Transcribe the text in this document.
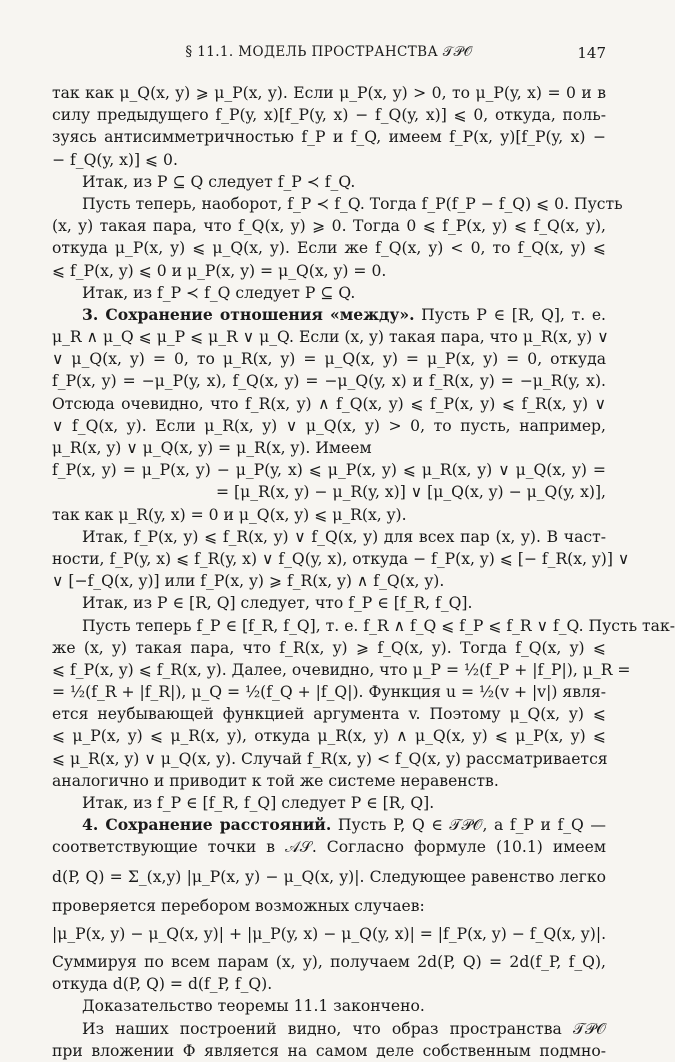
§ 11.1. МОДЕЛЬ ПРОСТРАНСТВА 𝒯𝒫𝒪	147
так как μ_Q(x, y) ⩾ μ_P(x, y). Если μ_P(x, y) > 0, то μ_P(y, x) = 0 и в
силу предыдущего f_P(y, x)[f_P(y, x) − f_Q(y, x)] ⩽ 0, откуда, поль-
зуясь антисимметричностью f_P и f_Q, имеем f_P(x, y)[f_P(y, x) −
− f_Q(y, x)] ⩽ 0.
Итак, из P ⊆ Q следует f_P ≺ f_Q.
Пусть теперь, наоборот, f_P ≺ f_Q. Тогда f_P(f_P − f_Q) ⩽ 0. Пусть
(x, y) такая пара, что f_Q(x, y) ⩾ 0. Тогда 0 ⩽ f_P(x, y) ⩽ f_Q(x, y),
откуда μ_P(x, y) ⩽ μ_Q(x, y). Если же f_Q(x, y) < 0, то f_Q(x, y) ⩽
⩽ f_P(x, y) ⩽ 0 и μ_P(x, y) = μ_Q(x, y) = 0.
Итак, из f_P ≺ f_Q следует P ⊆ Q.
3. Сохранение отношения «между». Пусть P ∈ [R, Q], т. е.
μ_R ∧ μ_Q ⩽ μ_P ⩽ μ_R ∨ μ_Q. Если (x, y) такая пара, что μ_R(x, y) ∨
∨ μ_Q(x, y) = 0, то μ_R(x, y) = μ_Q(x, y) = μ_P(x, y) = 0, откуда
f_P(x, y) = −μ_P(y, x), f_Q(x, y) = −μ_Q(y, x) и f_R(x, y) = −μ_R(y, x).
Отсюда очевидно, что f_R(x, y) ∧ f_Q(x, y) ⩽ f_P(x, y) ⩽ f_R(x, y) ∨
∨ f_Q(x, y). Если μ_R(x, y) ∨ μ_Q(x, y) > 0, то пусть, например,
μ_R(x, y) ∨ μ_Q(x, y) = μ_R(x, y). Имеем
f_P(x, y) = μ_P(x, y) − μ_P(y, x) ⩽ μ_P(x, y) ⩽ μ_R(x, y) ∨ μ_Q(x, y) =
= [μ_R(x, y) − μ_R(y, x)] ∨ [μ_Q(x, y) − μ_Q(y, x)],
так как μ_R(y, x) = 0 и μ_Q(x, y) ⩽ μ_R(x, y).
Итак, f_P(x, y) ⩽ f_R(x, y) ∨ f_Q(x, y) для всех пар (x, y). В част-
ности, f_P(y, x) ⩽ f_R(y, x) ∨ f_Q(y, x), откуда − f_P(x, y) ⩽ [− f_R(x, y)] ∨
∨ [−f_Q(x, y)] или f_P(x, y) ⩾ f_R(x, y) ∧ f_Q(x, y).
Итак, из P ∈ [R, Q] следует, что f_P ∈ [f_R, f_Q].
Пусть теперь f_P ∈ [f_R, f_Q], т. е. f_R ∧ f_Q ⩽ f_P ⩽ f_R ∨ f_Q. Пусть так-
же (x, y) такая пара, что f_R(x, y) ⩾ f_Q(x, y). Тогда f_Q(x, y) ⩽
⩽ f_P(x, y) ⩽ f_R(x, y). Далее, очевидно, что μ_P = ½(f_P + |f_P|), μ_R =
= ½(f_R + |f_R|), μ_Q = ½(f_Q + |f_Q|). Функция u = ½(v + |v|) явля-
ется неубывающей функцией аргумента v. Поэтому μ_Q(x, y) ⩽
⩽ μ_P(x, y) ⩽ μ_R(x, y), откуда μ_R(x, y) ∧ μ_Q(x, y) ⩽ μ_P(x, y) ⩽
⩽ μ_R(x, y) ∨ μ_Q(x, y). Случай f_R(x, y) < f_Q(x, y) рассматривается
аналогично и приводит к той же системе неравенств.
Итак, из f_P ∈ [f_R, f_Q] следует P ∈ [R, Q].
4. Сохранение расстояний. Пусть P, Q ∈ 𝒯𝒫𝒪, а f_P и f_Q —
соответствующие точки в 𝒜𝒮. Согласно формуле (10.1) имеем
d(P, Q) = Σ_(x,y) |μ_P(x, y) − μ_Q(x, y)|. Следующее равенство легко
проверяется перебором возможных случаев:
|μ_P(x, y) − μ_Q(x, y)| + |μ_P(y, x) − μ_Q(y, x)| = |f_P(x, y) − f_Q(x, y)|.
Суммируя по всем парам (x, y), получаем 2d(P, Q) = 2d(f_P, f_Q),
откуда d(P, Q) = d(f_P, f_Q).
Доказательство теоремы 11.1 закончено.
Из наших построений видно, что образ пространства 𝒯𝒫𝒪
при вложении Φ является на самом деле собственным подмно-
